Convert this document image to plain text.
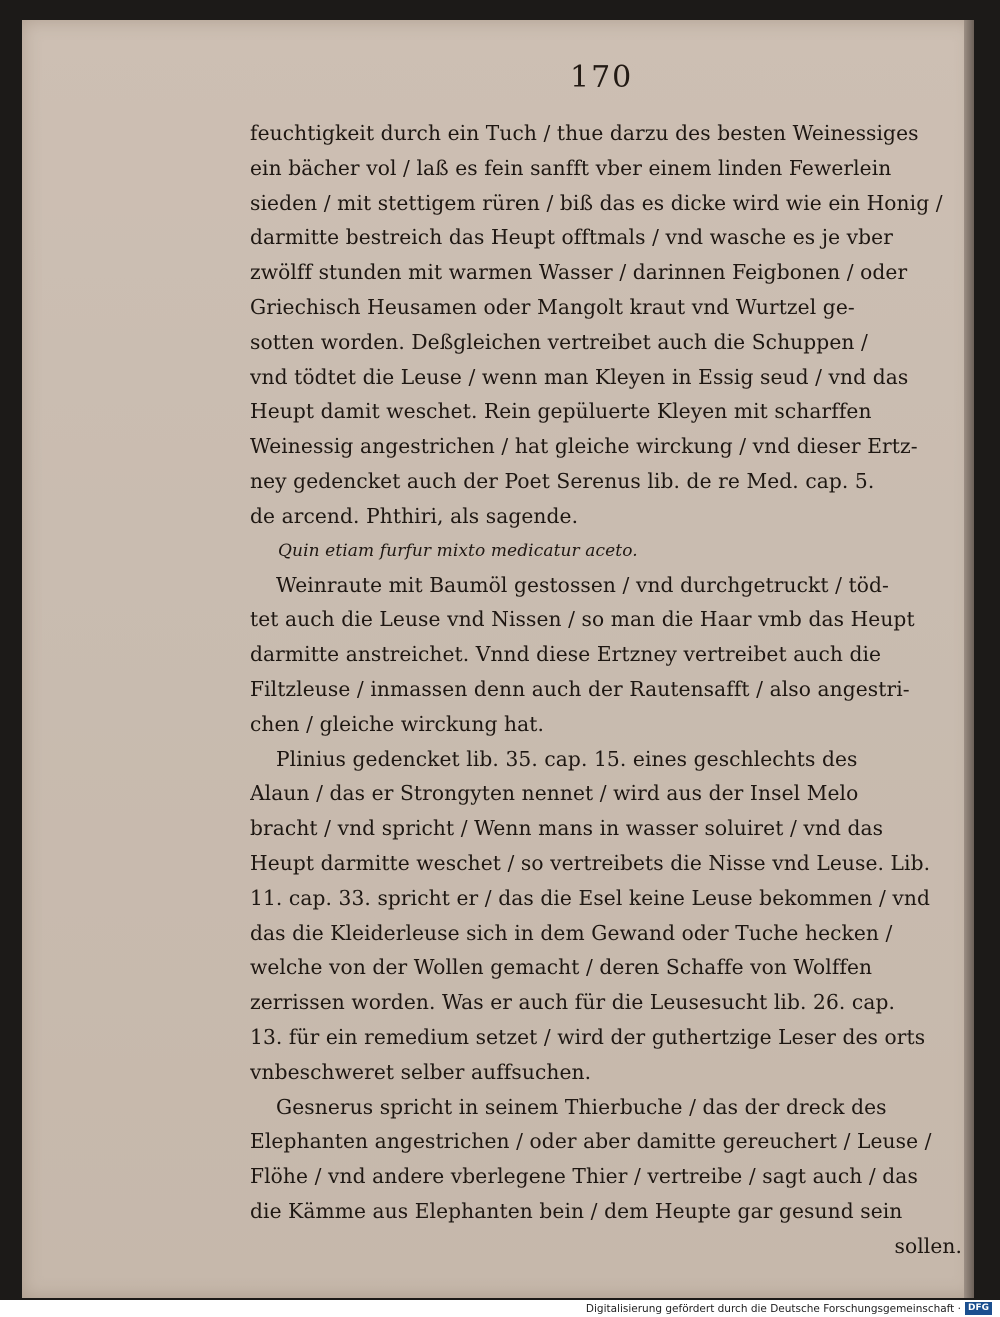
170
feuchtigkeit durch ein Tuch / thue darzu des besten Weinessiges
ein bächer vol / laß es fein sanfft vber einem linden Fewerlein
sieden / mit stettigem rüren / biß das es dicke wird wie ein Honig /
darmitte bestreich das Heupt offtmals / vnd wasche es je vber
zwölff stunden mit warmen Wasser / darinnen Feigbonen / oder
Griechisch Heusamen oder Mangolt kraut vnd Wurtzel ge-
sotten worden. Deßgleichen vertreibet auch die Schuppen /
vnd tödtet die Leuse / wenn man Kleyen in Essig seud / vnd das
Heupt damit weschet. Rein gepüluerte Kleyen mit scharffen
Weinessig angestrichen / hat gleiche wirckung / vnd dieser Ertz-
ney gedencket auch der Poet Serenus lib. de re Med. cap. 5.
de arcend. Phthiri, als sagende.
Quin etiam furfur mixto medicatur aceto.
Weinraute mit Baumöl gestossen / vnd durchgetruckt / töd-
tet auch die Leuse vnd Nissen / so man die Haar vmb das Heupt
darmitte anstreichet. Vnnd diese Ertzney vertreibet auch die
Filtzleuse / inmassen denn auch der Rautensafft / also angestri-
chen / gleiche wirckung hat.
Plinius gedencket lib. 35. cap. 15. eines geschlechts des
Alaun / das er Strongyten nennet / wird aus der Insel Melo
bracht / vnd spricht / Wenn mans in wasser soluiret / vnd das
Heupt darmitte weschet / so vertreibets die Nisse vnd Leuse. Lib.
11. cap. 33. spricht er / das die Esel keine Leuse bekommen / vnd
das die Kleiderleuse sich in dem Gewand oder Tuche hecken /
welche von der Wollen gemacht / deren Schaffe von Wolffen
zerrissen worden. Was er auch für die Leusesucht lib. 26. cap.
13. für ein remedium setzet / wird der guthertzige Leser des orts
vnbeschweret selber auffsuchen.
Gesnerus spricht in seinem Thierbuche / das der dreck des
Elephanten angestrichen / oder aber damitte gereuchert / Leuse /
Flöhe / vnd andere vberlegene Thier / vertreibe / sagt auch / das
die Kämme aus Elephanten bein / dem Heupte gar gesund sein
sollen.
Digitalisierung gefördert durch die Deutsche Forschungsgemeinschaft · DFG
